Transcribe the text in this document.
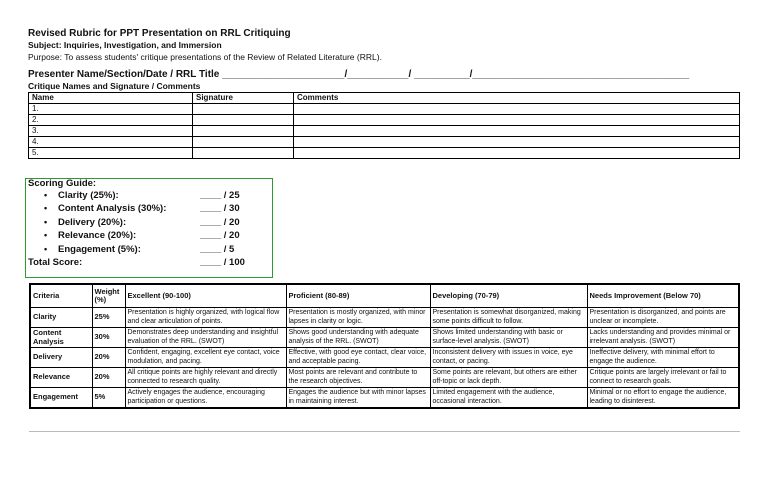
Revised Rubric for PPT Presentation on RRL Critiquing
Subject: Inquiries, Investigation, and Immersion
Purpose: To assess students' critique presentations of the Review of Related Literature (RRL).
Presenter Name/Section/Date / RRL Title ______________________/___________/ __________/_______________________________________
Critique Names and Signature / Comments
Name	Signature	Comments
1.		
2.		
3.		
4.		
5.		
Scoring Guide:
• Clarity (25%):	____ / 25
• Content Analysis (30%):	____ / 30
• Delivery (20%):	____ / 20
• Relevance (20%):	____ / 20
• Engagement (5%):	____ / 5
Total Score:	____ / 100
Criteria	Weight (%)	Excellent (90-100)	Proficient (80-89)	Developing (70-79)	Needs Improvement (Below 70)
Clarity	25%	Presentation is highly organized, with logical flow and clear articulation of points.	Presentation is mostly organized, with minor lapses in clarity or logic.	Presentation is somewhat disorganized, making some points difficult to follow.	Presentation is disorganized, and points are unclear or incomplete.
Content Analysis	30%	Demonstrates deep understanding and insightful evaluation of the RRL. (SWOT)	Shows good understanding with adequate analysis of the RRL. (SWOT)	Shows limited understanding with basic or surface-level analysis. (SWOT)	Lacks understanding and provides minimal or irrelevant analysis. (SWOT)
Delivery	20%	Confident, engaging, excellent eye contact, voice modulation, and pacing.	Effective, with good eye contact, clear voice, and acceptable pacing.	Inconsistent delivery with issues in voice, eye contact, or pacing.	Ineffective delivery, with minimal effort to engage the audience.
Relevance	20%	All critique points are highly relevant and directly connected to research quality.	Most points are relevant and contribute to the research objectives.	Some points are relevant, but others are either off-topic or lack depth.	Critique points are largely irrelevant or fail to connect to research goals.
Engagement	5%	Actively engages the audience, encouraging participation or questions.	Engages the audience but with minor lapses in maintaining interest.	Limited engagement with the audience, occasional interaction.	Minimal or no effort to engage the audience, leading to disinterest.
